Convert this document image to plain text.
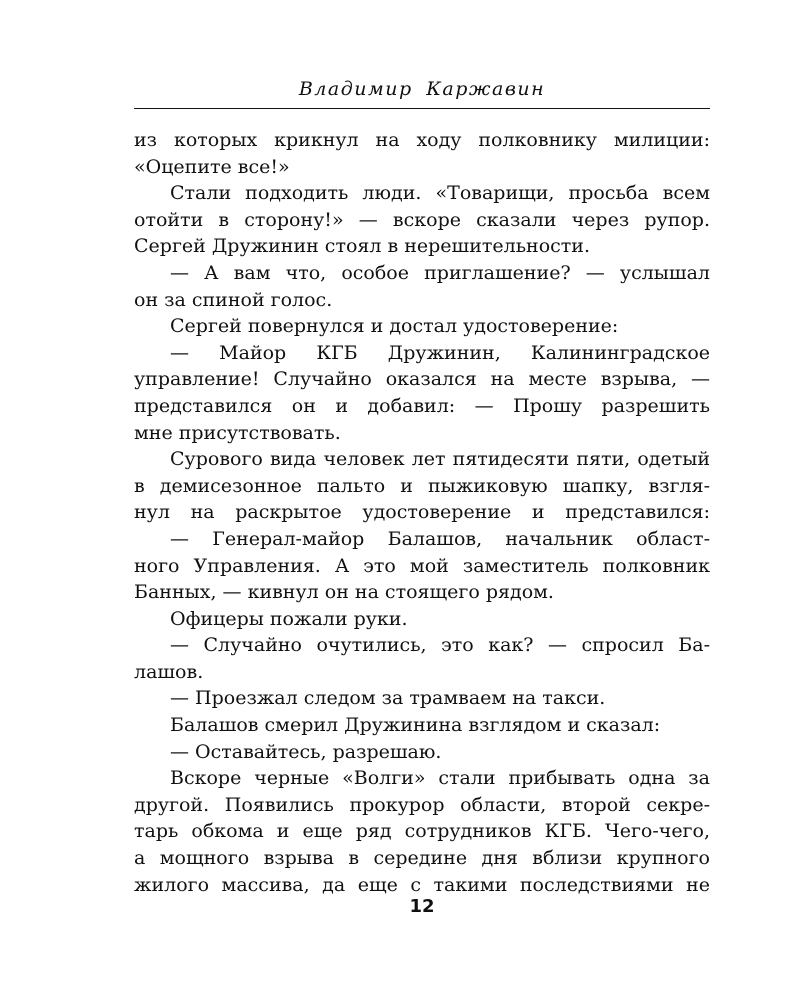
Владимир Каржавин
из которых крикнул на ходу полковнику милиции:
«Оцепите все!»
Стали подходить люди. «Товарищи, просьба всем
отойти в сторону!» — вскоре сказали через рупор.
Сергей Дружинин стоял в нерешительности.
— А вам что, особое приглашение? — услышал
он за спиной голос.
Сергей повернулся и достал удостоверение:
— Майор КГБ Дружинин, Калининградское
управление! Случайно оказался на месте взрыва, —
представился он и добавил: — Прошу разрешить
мне присутствовать.
Сурового вида человек лет пятидесяти пяти, одетый
в демисезонное пальто и пыжиковую шапку, взгля-
нул на раскрытое удостоверение и представился:
— Генерал-майор Балашов, начальник област-
ного Управления. А это мой заместитель полковник
Банных, — кивнул он на стоящего рядом.
Офицеры пожали руки.
— Случайно очутились, это как? — спросил Ба-
лашов.
— Проезжал следом за трамваем на такси.
Балашов смерил Дружинина взглядом и сказал:
— Оставайтесь, разрешаю.
Вскоре черные «Волги» стали прибывать одна за
другой. Появились прокурор области, второй секре-
тарь обкома и еще ряд сотрудников КГБ. Чего-чего,
а мощного взрыва в середине дня вблизи крупного
жилого массива, да еще с такими последствиями не
12
